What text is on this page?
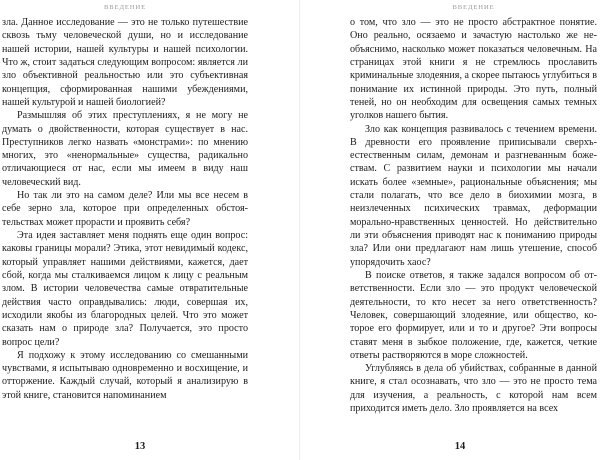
ВВЕДЕНИЕ

зла. Данное исследование — это не только путешествие сквозь тьму человеческой души, но и исследование нашей истории, нашей культуры и нашей психологии. Что ж, стоит задаться следующим вопросом: является ли зло объективной реальностью или это субъективная концепция, сформированная нашими убеждениями, нашей культурой и нашей биологией?

Размышляя об этих преступлениях, я не могу не думать о двойственности, которая существует в нас. Преступников легко назвать «монстрами»: по мнению многих, это «ненормальные» существа, радикально отличающиеся от нас, если мы имеем в виду наш человеческий вид.

Но так ли это на самом деле? Или мы все несем в себе зерно зла, которое при определенных обстоятельствах может прорасти и проявить себя?

Эта идея заставляет меня поднять еще один вопрос: каковы границы морали? Этика, этот невидимый кодекс, который управляет нашими действиями, кажется, дает сбой, когда мы сталкиваемся лицом к лицу с реальным злом. В истории человечества самые отвратительные действия часто оправдывались: люди, совершая их, исходили якобы из благородных целей. Что это может сказать нам о природе зла? Получается, это просто вопрос цели?

Я подхожу к этому исследованию со смешанными чувствами, я испытываю одновременно и восхищение, и отторжение. Каждый случай, который я анализирую в этой книге, становится напоминанием

13
ВВЕДЕНИЕ

о том, что зло — это не просто абстрактное понятие. Оно реально, осязаемо и зачастую настолько же необъяснимо, насколько может показаться человечным. На страницах этой книги я не стремлюсь прославить криминальные злодеяния, а скорее пытаюсь углубиться в понимание их истинной природы. Это путь, полный теней, но он необходим для освещения самых темных уголков нашего бытия.

Зло как концепция развивалось с течением времени. В древности его проявление приписывали сверхъестественным силам, демонам и разгневанным божествам. С развитием науки и психологии мы начали искать более «земные», рациональные объяснения; мы стали полагать, что все дело в биохимии мозга, в неизлеченных психических травмах, деформации морально-нравственных ценностей. Но действительно ли эти объяснения приводят нас к пониманию природы зла? Или они предлагают нам лишь утешение, способ упорядочить хаос?

В поиске ответов, я также задался вопросом об ответственности. Если зло — это продукт человеческой деятельности, то кто несет за него ответственность? Человек, совершающий злодеяние, или общество, которое его формирует, или и то и другое? Эти вопросы ставят меня в зыбкое положение, где, кажется, четкие ответы растворяются в море сложностей.

Углубляясь в дела об убийствах, собранные в данной книге, я стал осознавать, что зло — это не просто тема для изучения, а реальность, с которой нам всем приходится иметь дело. Зло проявляется на всех

14
